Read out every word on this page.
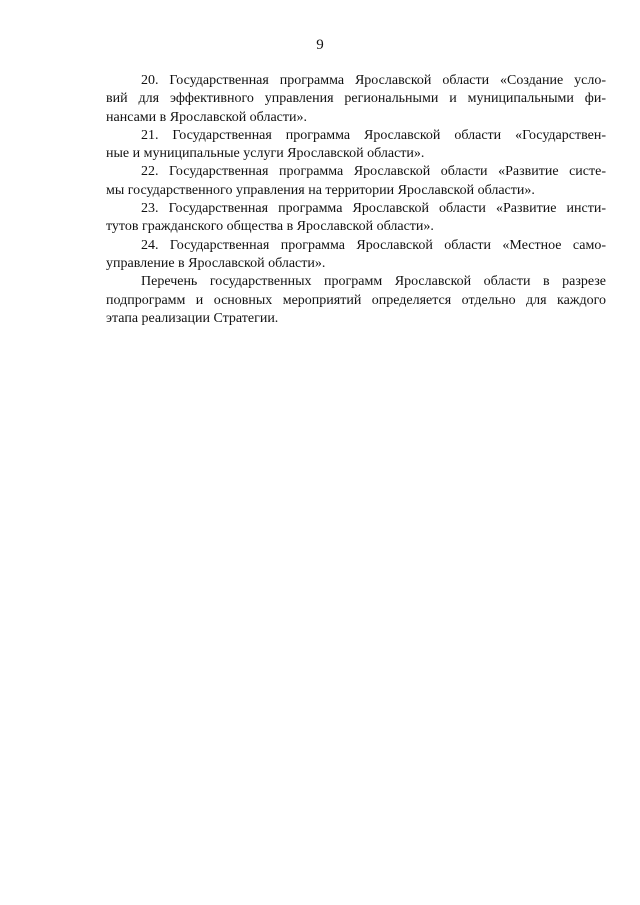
9
20. Государственная программа Ярославской области «Создание усло-
вий для эффективного управления региональными и муниципальными фи-
нансами в Ярославской области».
21. Государственная программа Ярославской области «Государствен-
ные и муниципальные услуги Ярославской области».
22. Государственная программа Ярославской области «Развитие систе-
мы государственного управления на территории Ярославской области».
23. Государственная программа Ярославской области «Развитие инсти-
тутов гражданского общества в Ярославской области».
24. Государственная программа Ярославской области «Местное само-
управление в Ярославской области».
Перечень государственных программ Ярославской области в разрезе
подпрограмм и основных мероприятий определяется отдельно для каждого
этапа реализации Стратегии.
